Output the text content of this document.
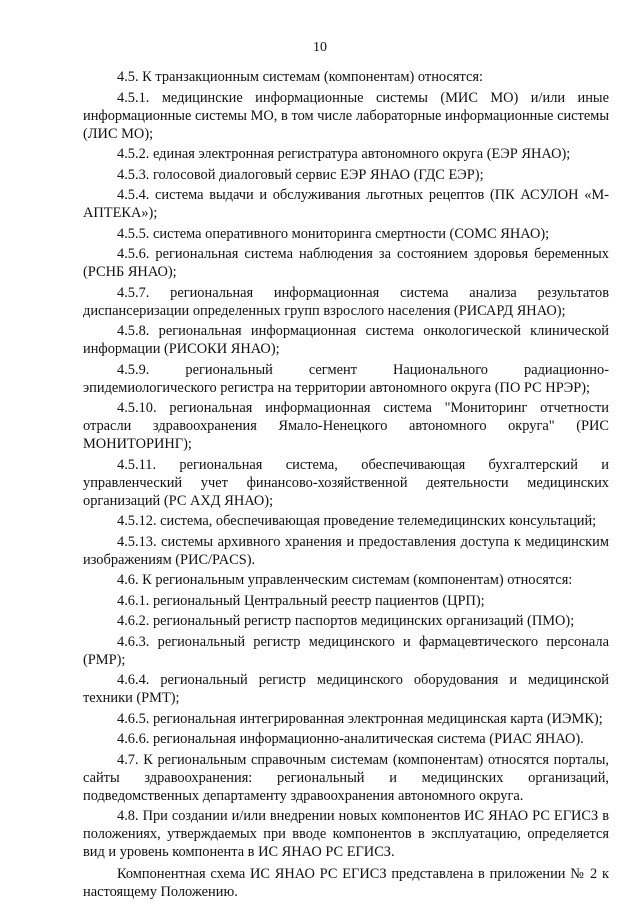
10

4.5. К транзакционным системам (компонентам) относятся:

4.5.1. медицинские информационные системы (МИС МО) и/или иные информационные системы МО, в том числе лабораторные информационные системы (ЛИС МО);

4.5.2. единая электронная регистратура автономного округа (ЕЭР ЯНАО);

4.5.3. голосовой диалоговый сервис ЕЭР ЯНАО (ГДС ЕЭР);

4.5.4. система выдачи и обслуживания льготных рецептов (ПК АСУЛОН «М-АПТЕКА»);

4.5.5. система оперативного мониторинга смертности (СОМС ЯНАО);

4.5.6. региональная система наблюдения за состоянием здоровья беременных (РСНБ ЯНАО);

4.5.7. региональная информационная система анализа результатов диспансеризации определенных групп взрослого населения (РИСАРД ЯНАО);

4.5.8. региональная информационная система онкологической клинической информации (РИСОКИ ЯНАО);

4.5.9. региональный сегмент Национального радиационно-эпидемиологического регистра на территории автономного округа (ПО РС НРЭР);

4.5.10. региональная информационная система "Мониторинг отчетности отрасли здравоохранения Ямало-Ненецкого автономного округа" (РИС МОНИТОРИНГ);

4.5.11. региональная система, обеспечивающая бухгалтерский и управленческий учет финансово-хозяйственной деятельности медицинских организаций (РС АХД ЯНАО);

4.5.12. система, обеспечивающая проведение телемедицинских консультаций;

4.5.13. системы архивного хранения и предоставления доступа к медицинским изображениям (РИС/PACS).

4.6. К региональным управленческим системам (компонентам) относятся:

4.6.1. региональный Центральный реестр пациентов (ЦРП);

4.6.2. региональный регистр паспортов медицинских организаций (ПМО);

4.6.3. региональный регистр медицинского и фармацевтического персонала (РМР);

4.6.4. региональный регистр медицинского оборудования и медицинской техники (РМТ);

4.6.5. региональная интегрированная электронная медицинская карта (ИЭМК);

4.6.6. региональная информационно-аналитическая система (РИАС ЯНАО).

4.7. К региональным справочным системам (компонентам) относятся порталы, сайты здравоохранения: региональный и медицинских организаций, подведомственных департаменту здравоохранения автономного округа.

4.8. При создании и/или внедрении новых компонентов ИС ЯНАО РС ЕГИСЗ в положениях, утверждаемых при вводе компонентов в эксплуатацию, определяется вид и уровень компонента в ИС ЯНАО РС ЕГИСЗ.

Компонентная схема ИС ЯНАО РС ЕГИСЗ представлена в приложении № 2 к настоящему Положению.
